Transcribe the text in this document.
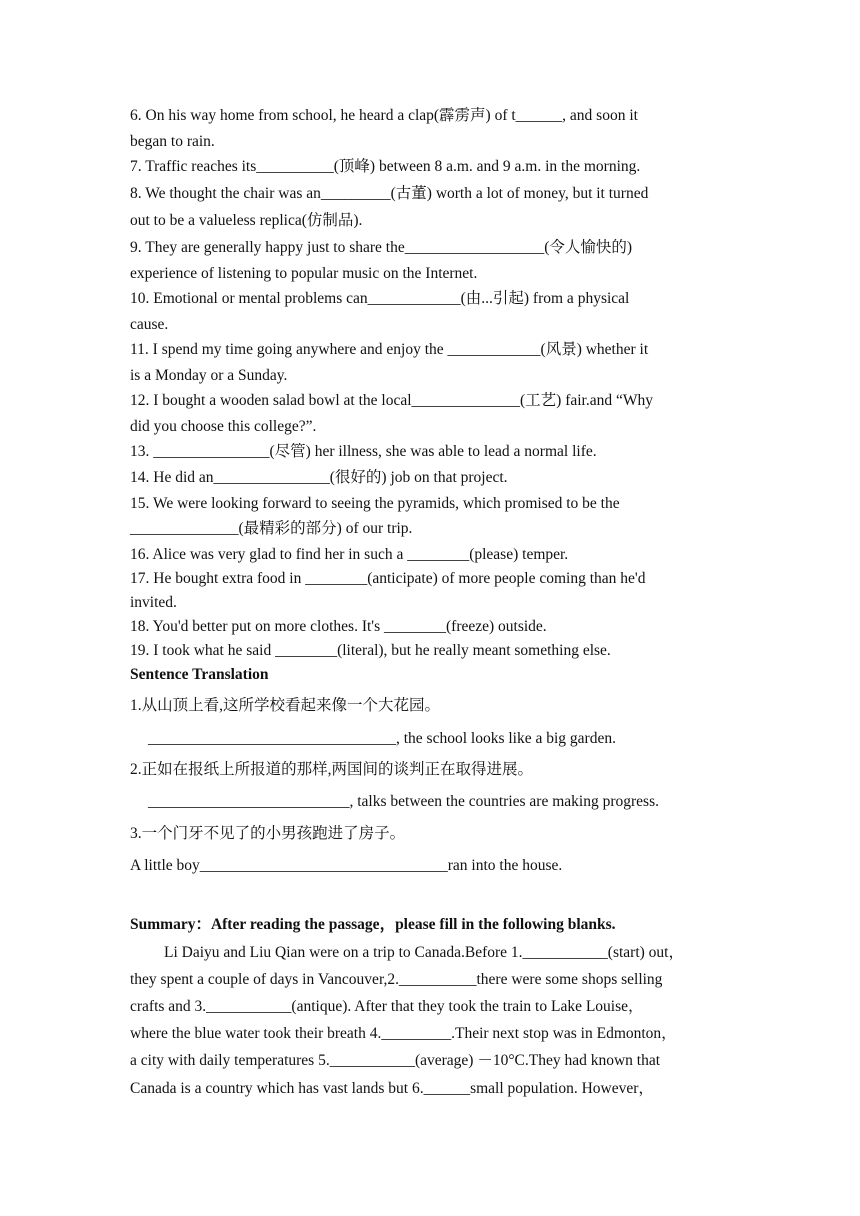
6. On his way home from school, he heard a clap(霹雳声) of t______, and soon it
began to rain.
7. Traffic reaches its__________(顶峰) between 8 a.m. and 9 a.m. in the morning.
8. We thought the chair was an_________(古董) worth a lot of money, but it turned
out to be a valueless replica(仿制品).
9. They are generally happy just to share the__________________(令人愉快的)
experience of listening to popular music on the Internet.
10. Emotional or mental problems can____________(由...引起) from a physical
cause.
11. I spend my time going anywhere and enjoy the ____________(风景) whether it
is a Monday or a Sunday.
12. I bought a wooden salad bowl at the local______________(工艺) fair.and “Why
did you choose this college?”.
13. _______________(尽管) her illness, she was able to lead a normal life.
14. He did an_______________(很好的) job on that project.
15. We were looking forward to seeing the pyramids, which promised to be the
______________(最精彩的部分) of our trip.
16. Alice was very glad to find her in such a ________(please) temper.
17. He bought extra food in ________(anticipate) of more people coming than he'd
invited.
18. You'd better put on more clothes. It's ________(freeze) outside.
19. I took what he said ________(literal), but he really meant something else.
Sentence Translation
1.从山顶上看,这所学校看起来像一个大花园。
________________________________, the school looks like a big garden.
2.正如在报纸上所报道的那样,两国间的谈判正在取得进展。
__________________________, talks between the countries are making progress.
3.一个门牙不见了的小男孩跑进了房子。
A little boy________________________________ran into the house.
Summary：After reading the passage，please fill in the following blanks.
Li Daiyu and Liu Qian were on a trip to Canada.Before 1.___________(start) out，
they spent a couple of days in Vancouver,2.__________there were some shops selling
crafts and 3.___________(antique). After that they took the train to Lake Louise，
where the blue water took their breath 4._________.Their next stop was in Edmonton，
a city with daily temperatures 5.___________(average) －10°C.They had known that
Canada is a country which has vast lands but 6.______small population. However，
